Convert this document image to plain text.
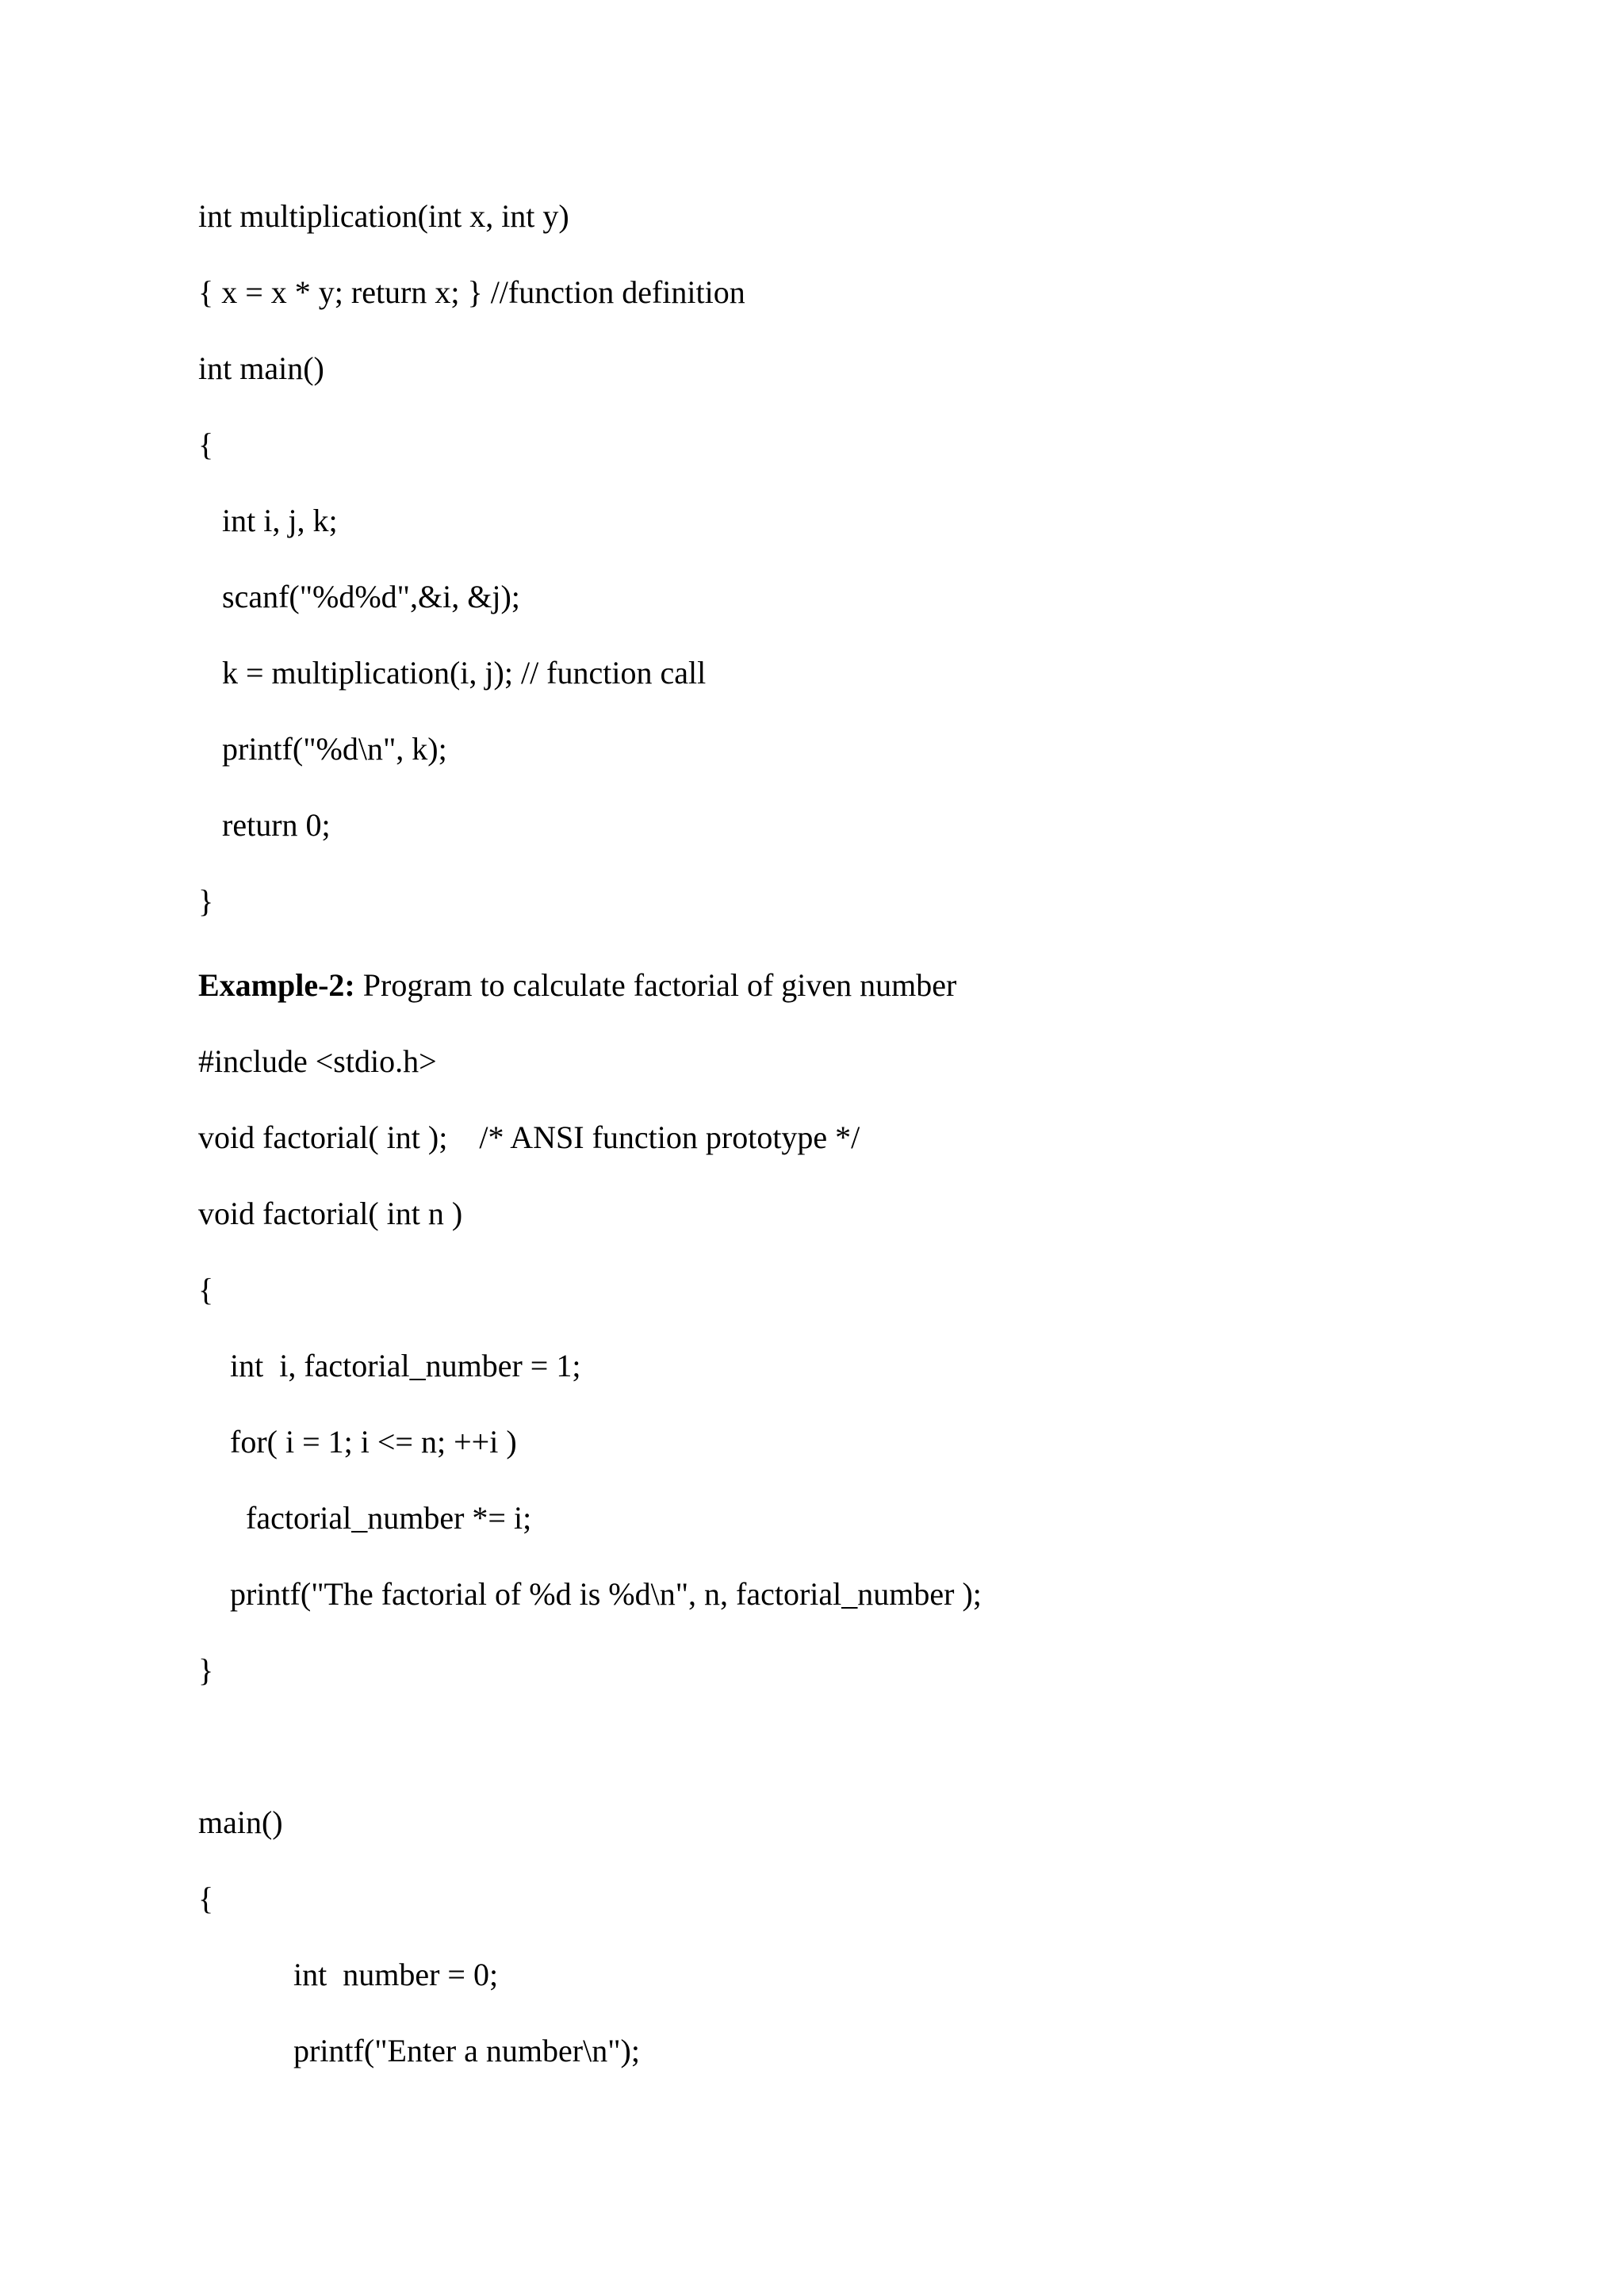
int multiplication(int x, int y)
{ x = x * y; return x; } //function definition
int main()
{
int i, j, k;
scanf("%d%d",&i, &j);
k = multiplication(i, j); // function call
printf("%d\n", k);
return 0;
}
Example-2: Program to calculate factorial of given number
#include <stdio.h>
void factorial( int );    /* ANSI function prototype */
void factorial( int n )
{
int  i, factorial_number = 1;
for( i = 1; i <= n; ++i )
factorial_number *= i;
printf("The factorial of %d is %d\n", n, factorial_number );
}
main()
{
int  number = 0;
printf("Enter a number\n");
